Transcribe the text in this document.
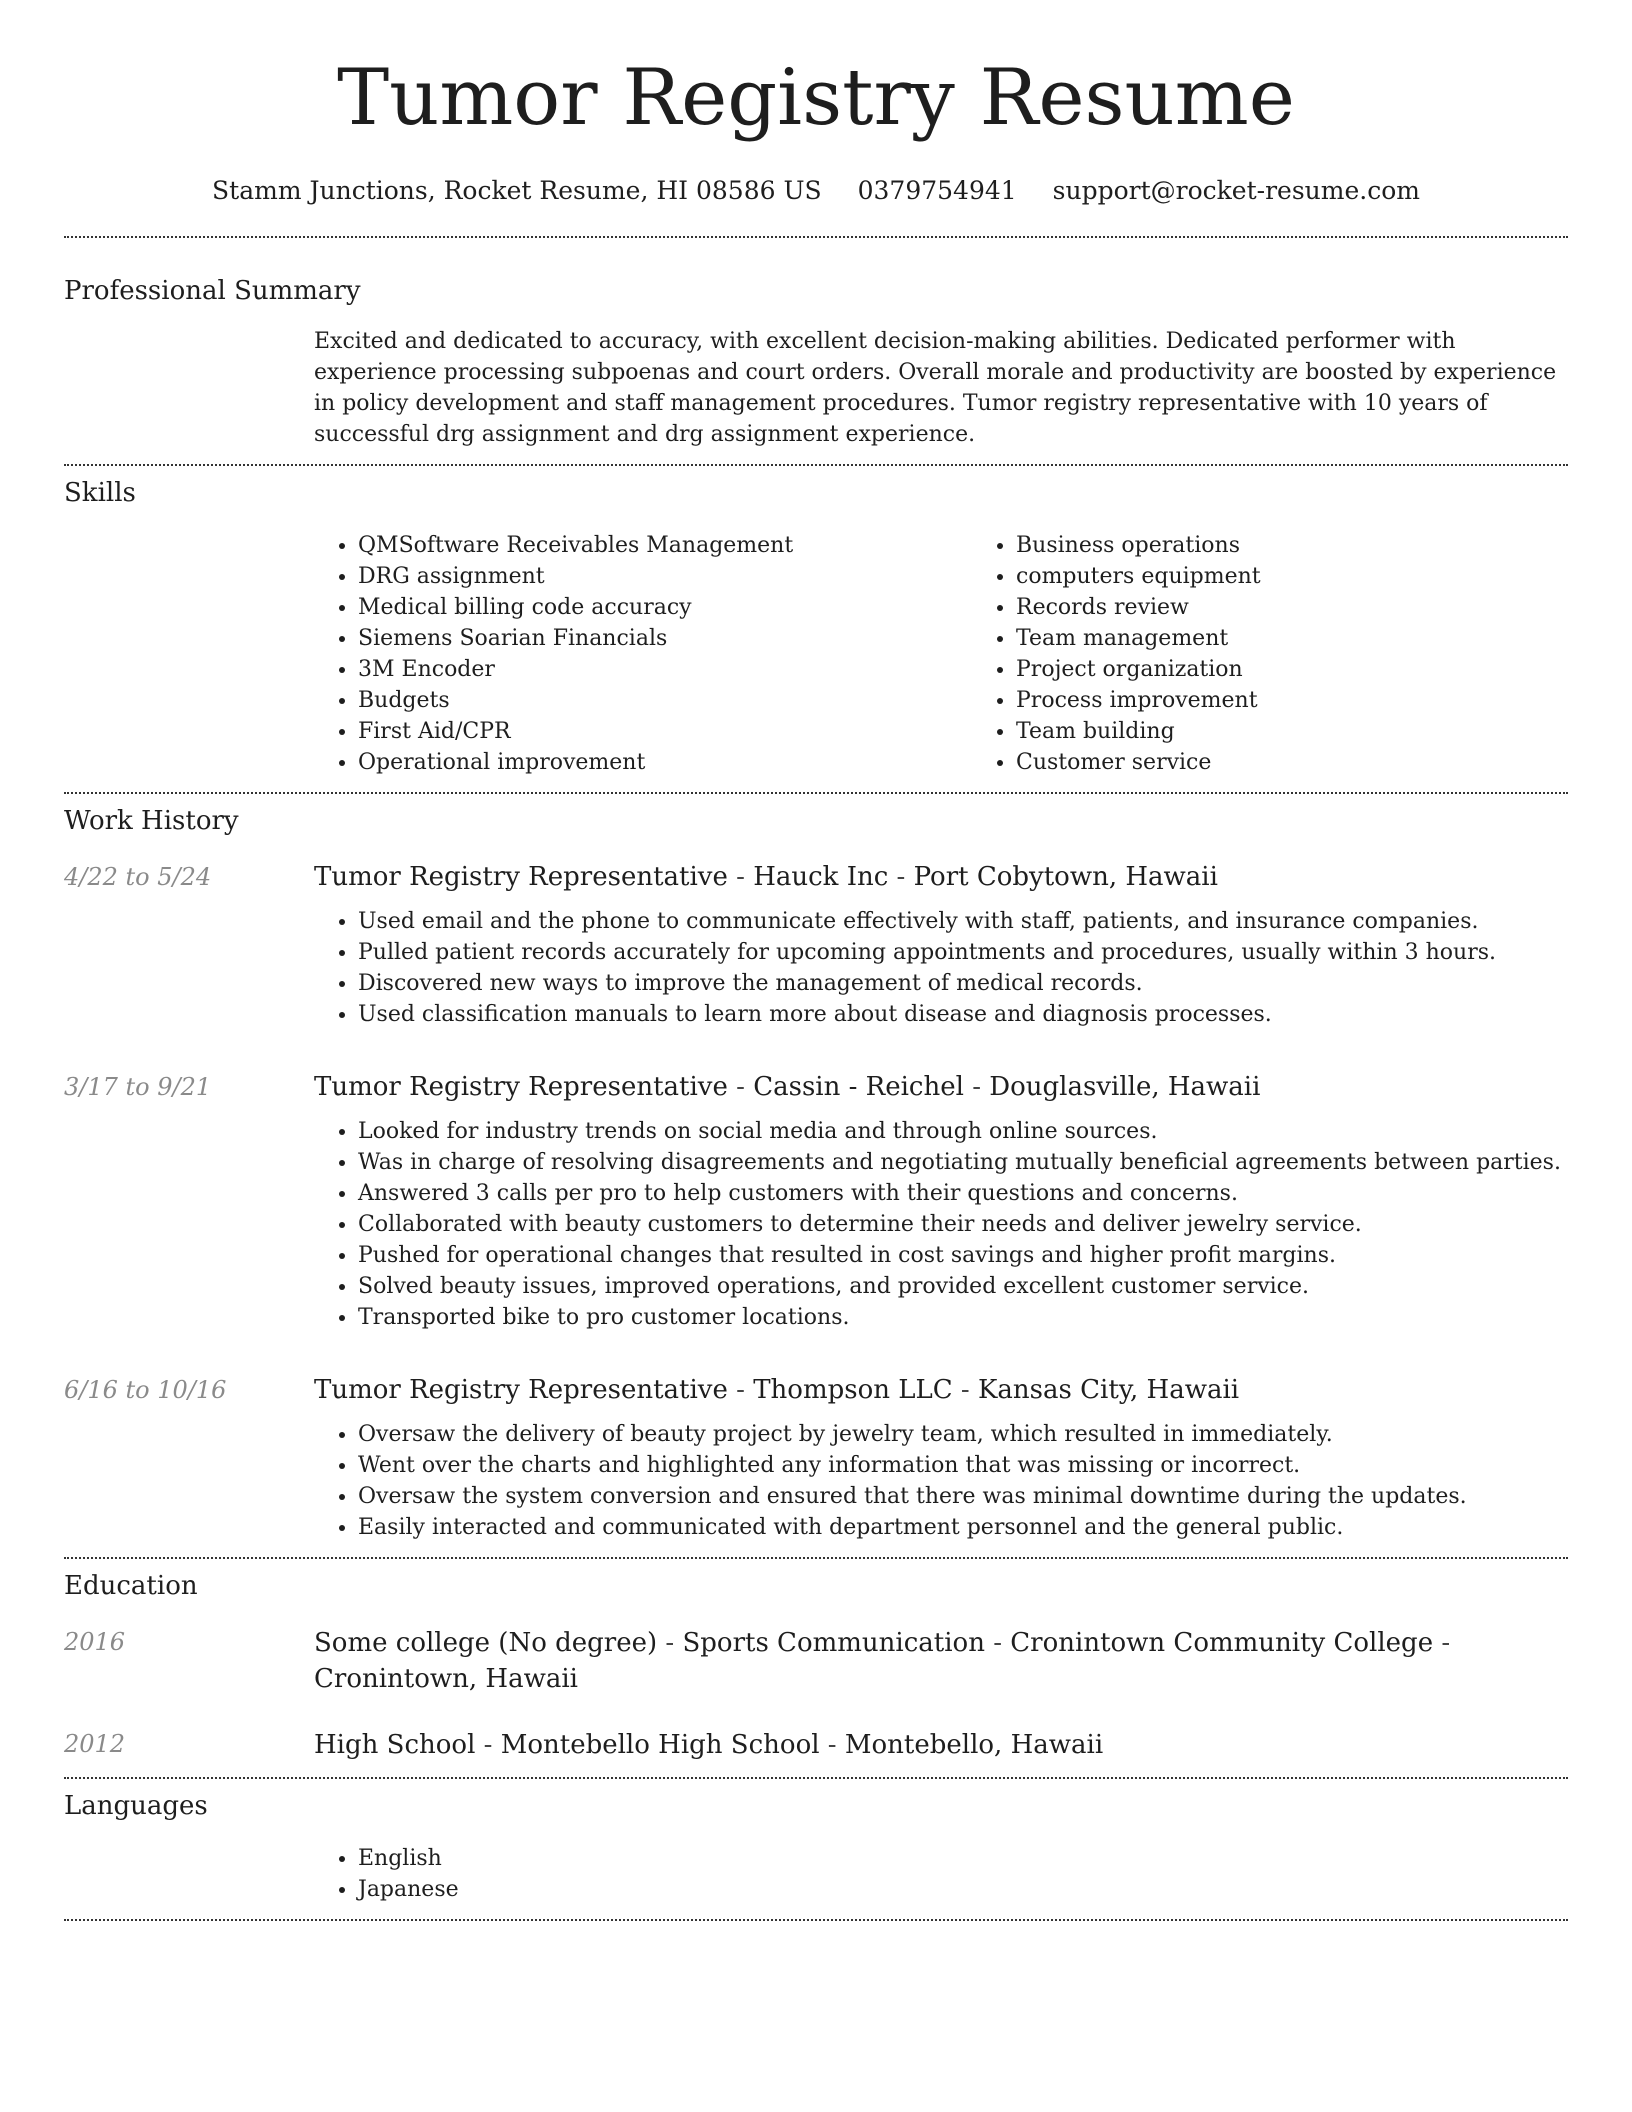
Tumor Registry Resume
Stamm Junctions, Rocket Resume, HI 08586 US 0379754941 support@rocket-resume.com
Professional Summary

Excited and dedicated to accuracy, with excellent decision-making abilities. Dedicated performer with experience processing subpoenas and court orders. Overall morale and productivity are boosted by experience in policy development and staff management procedures. Tumor registry representative with 10 years of successful drg assignment and drg assignment experience.

Skills
• QMSoftware Receivables Management
• DRG assignment
• Medical billing code accuracy
• Siemens Soarian Financials
• 3M Encoder
• Budgets
• First Aid/CPR
• Operational improvement
• Business operations
• computers equipment
• Records review
• Team management
• Project organization
• Process improvement
• Team building
• Customer service
Work History
4/22 to 5/24	Tumor Registry Representative - Hauck Inc - Port Cobytown, Hawaii
• Used email and the phone to communicate effectively with staff, patients, and insurance companies.
• Pulled patient records accurately for upcoming appointments and procedures, usually within 3 hours.
• Discovered new ways to improve the management of medical records.
• Used classification manuals to learn more about disease and diagnosis processes.
3/17 to 9/21	Tumor Registry Representative - Cassin - Reichel - Douglasville, Hawaii
• Looked for industry trends on social media and through online sources.
• Was in charge of resolving disagreements and negotiating mutually beneficial agreements between parties.
• Answered 3 calls per pro to help customers with their questions and concerns.
• Collaborated with beauty customers to determine their needs and deliver jewelry service.
• Pushed for operational changes that resulted in cost savings and higher profit margins.
• Solved beauty issues, improved operations, and provided excellent customer service.
• Transported bike to pro customer locations.
6/16 to 10/16	Tumor Registry Representative - Thompson LLC - Kansas City, Hawaii
• Oversaw the delivery of beauty project by jewelry team, which resulted in immediately.
• Went over the charts and highlighted any information that was missing or incorrect.
• Oversaw the system conversion and ensured that there was minimal downtime during the updates.
• Easily interacted and communicated with department personnel and the general public.
Education
2016	Some college (No degree) - Sports Communication - Cronintown Community College - Cronintown, Hawaii
2012	High School - Montebello High School - Montebello, Hawaii
Languages
• English
• Japanese
